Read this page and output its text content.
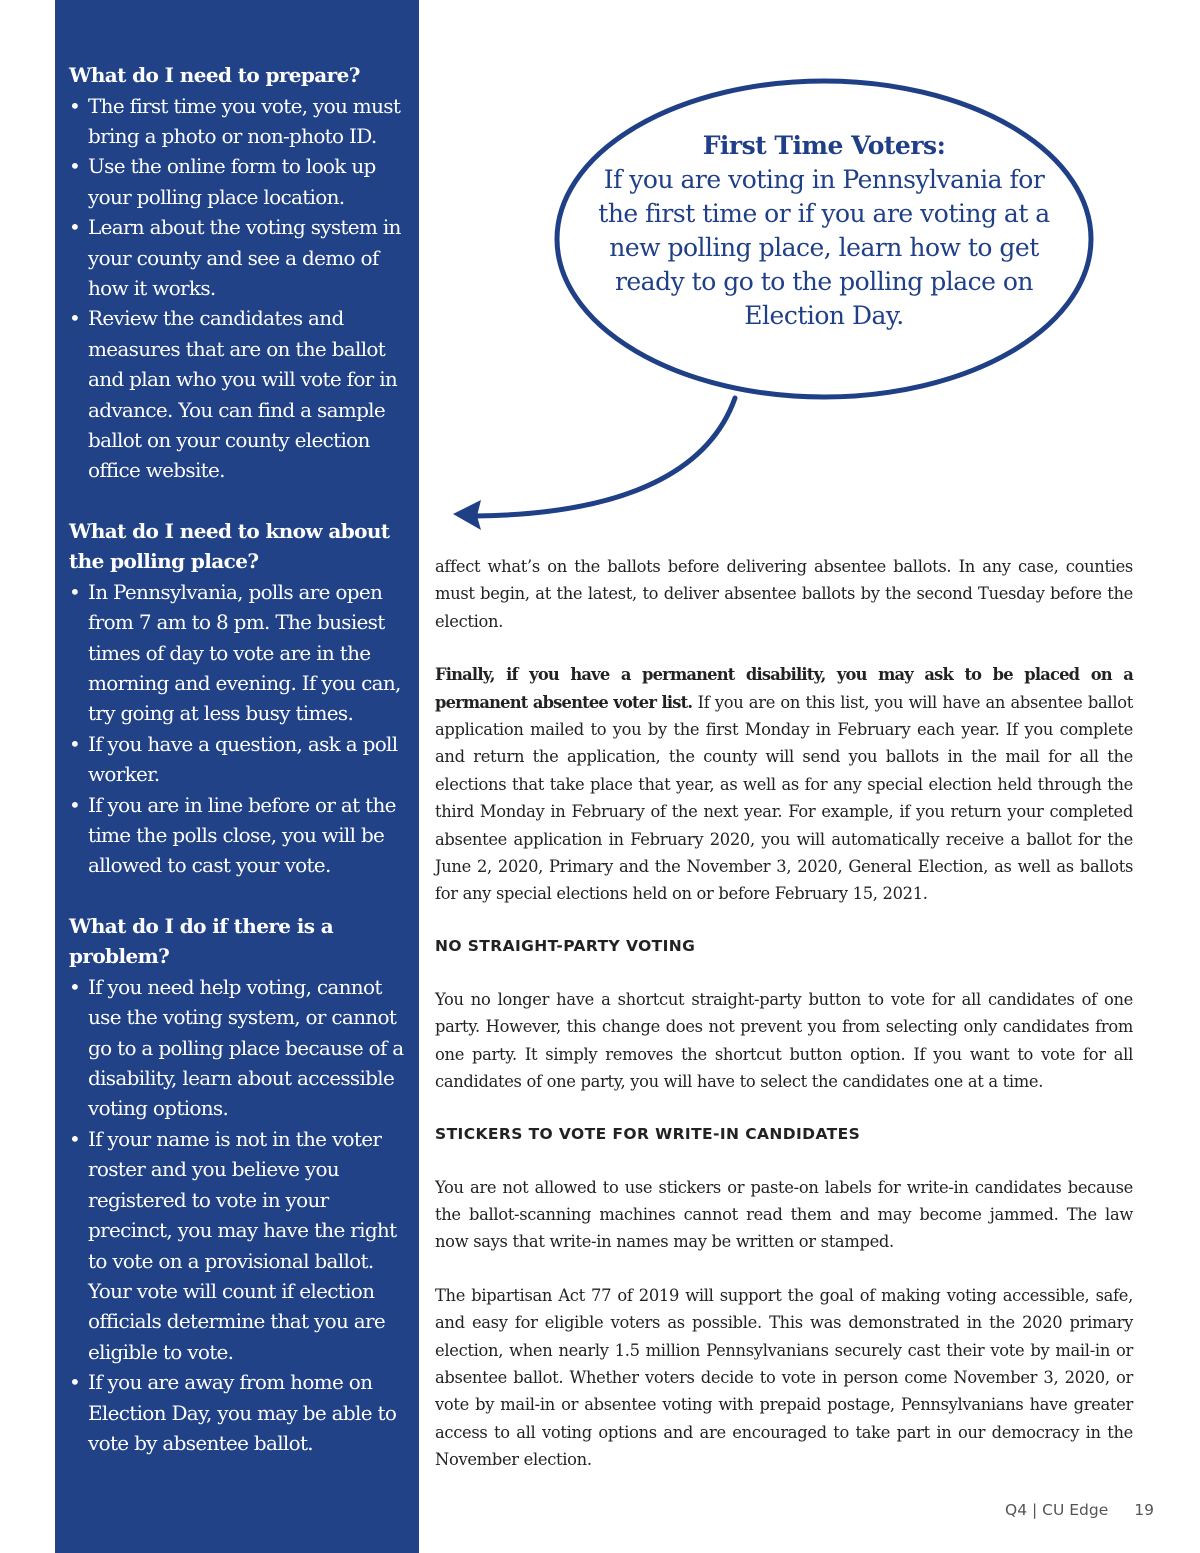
What do I need to prepare?
• The first time you vote, you must bring a photo or non-photo ID.
• Use the online form to look up your polling place location.
• Learn about the voting system in your county and see a demo of how it works.
• Review the candidates and measures that are on the ballot and plan who you will vote for in advance. You can find a sample ballot on your county election office website.
What do I need to know about the polling place?
• In Pennsylvania, polls are open from 7 am to 8 pm. The busiest times of day to vote are in the morning and evening. If you can, try going at less busy times.
• If you have a question, ask a poll worker.
• If you are in line before or at the time the polls close, you will be allowed to cast your vote.
What do I do if there is a problem?
• If you need help voting, cannot use the voting system, or cannot go to a polling place because of a disability, learn about accessible voting options.
• If your name is not in the voter roster and you believe you registered to vote in your precinct, you may have the right to vote on a provisional ballot. Your vote will count if election officials determine that you are eligible to vote.
• If you are away from home on Election Day, you may be able to vote by absentee ballot.
First Time Voters:
If you are voting in Pennsylvania for the first time or if you are voting at a new polling place, learn how to get ready to go to the polling place on Election Day.

affect what’s on the ballots before delivering absentee ballots. In any case, counties must begin, at the latest, to deliver absentee ballots by the second Tuesday before the election.

Finally, if you have a permanent disability, you may ask to be placed on a permanent absentee voter list. If you are on this list, you will have an absentee ballot application mailed to you by the first Monday in February each year. If you complete and return the application, the county will send you ballots in the mail for all the elections that take place that year, as well as for any special election held through the third Monday in February of the next year. For example, if you return your completed absentee application in February 2020, you will automatically receive a ballot for the June 2, 2020, Primary and the November 3, 2020, General Election, as well as ballots for any special elections held on or before February 15, 2021.

NO STRAIGHT-PARTY VOTING

You no longer have a shortcut straight-party button to vote for all candidates of one party. However, this change does not prevent you from selecting only candidates from one party. It simply removes the shortcut button option. If you want to vote for all candidates of one party, you will have to select the candidates one at a time.

STICKERS TO VOTE FOR WRITE-IN CANDIDATES

You are not allowed to use stickers or paste-on labels for write-in candidates because the ballot-scanning machines cannot read them and may become jammed. The law now says that write-in names may be written or stamped.

The bipartisan Act 77 of 2019 will support the goal of making voting accessible, safe, and easy for eligible voters as possible. This was demonstrated in the 2020 primary election, when nearly 1.5 million Pennsylvanians securely cast their vote by mail-in or absentee ballot. Whether voters decide to vote in person come November 3, 2020, or vote by mail-in or absentee voting with prepaid postage, Pennsylvanians have greater access to all voting options and are encouraged to take part in our democracy in the November election.

Q4 | CU Edge 19
